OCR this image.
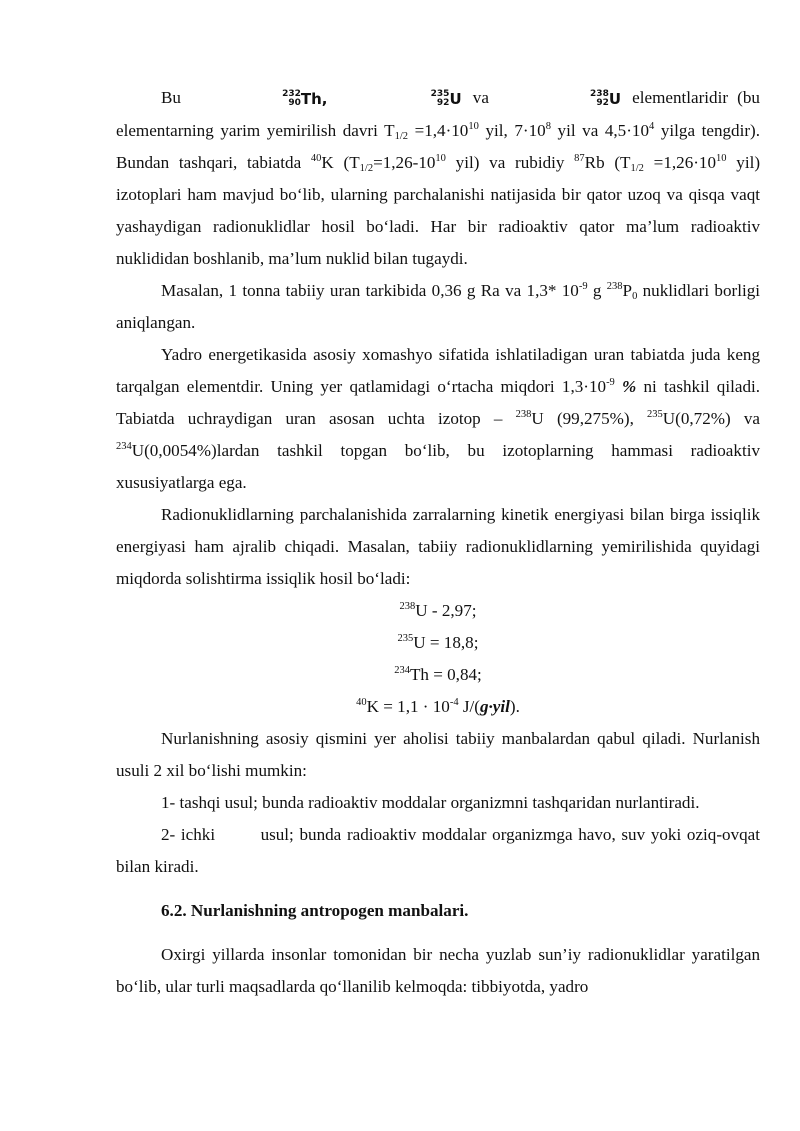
Bu	232
90 Th,	235
92 U va	238
92 U elementlaridir (bu elementarning yarim yemirilish davri $T_{1/2} =1,4\cdot 10^{10}$ yil, $7\cdot 10^8$ yil va $4,5\cdot 10^4$ yilga tengdir). Bundan tashqari, tabiatda $^{40}$K ($T_{1/2}=1,26-10^{10}$ yil) va rubidiy $^{87}$Rb ($T_{1/2} =1,26\cdot 10^{10}$ yil) izotoplari ham mavjud bo‘lib, ularning parchalanishi natijasida bir qator uzoq va qisqa vaqt yashaydigan radionuklidlar hosil bo‘ladi. Har bir radioaktiv qator ma’lum radioaktiv nuklididan boshlanib, ma’lum nuklid bilan tugaydi.

Masalan, 1 tonna tabiiy uran tarkibida 0,36 g Ra va 1,3* $10^{-9}$ g $^{238}P_0$ nuklidlari borligi aniqlangan.

Yadro energetikasida asosiy xomashyo sifatida ishlatiladigan uran tabiatda juda keng tarqalgan elementdir. Uning yer qatlamidagi o‘rtacha miqdori $1,3\cdot 10^{-9}$ % ni tashkil qiladi. Tabiatda uchraydigan uran asosan uchta izotop – $^{238}$U (99,275%), $^{235}$U(0,72%) va $^{234}$U(0,0054%)lardan tashkil topgan bo‘lib, bu izotoplarning hammasi radioaktiv xususiyatlarga ega.

Radionuklidlarning parchalanishida zarralarning kinetik energiyasi bilan birga issiqlik energiyasi ham ajralib chiqadi. Masalan, tabiiy radionuklidlarning yemirilishida quyidagi miqdorda solishtirma issiqlik hosil bo‘ladi:

$^{238}$U - 2,97;

$^{235}$U = 18,8;

$^{234}$Th = 0,84;

$^{40}K = 1,1 \cdot 10^{-4}$ J/(g·yil).

Nurlanishning asosiy qismini yer aholisi tabiiy manbalardan qabul qiladi. Nurlanish usuli 2 xil bo‘lishi mumkin:

1- tashqi usul; bunda radioaktiv moddalar organizmni tashqaridan nurlantiradi.

2- ichki	usul; bunda radioaktiv moddalar organizmga havo, suv yoki oziq-ovqat bilan kiradi.

6.2. Nurlanishning antropogen manbalari.

Oxirgi yillarda insonlar tomonidan bir necha yuzlab sun’iy radionuklidlar yaratilgan bo‘lib, ular turli maqsadlarda qo‘llanilib kelmoqda: tibbiyotda, yadro
